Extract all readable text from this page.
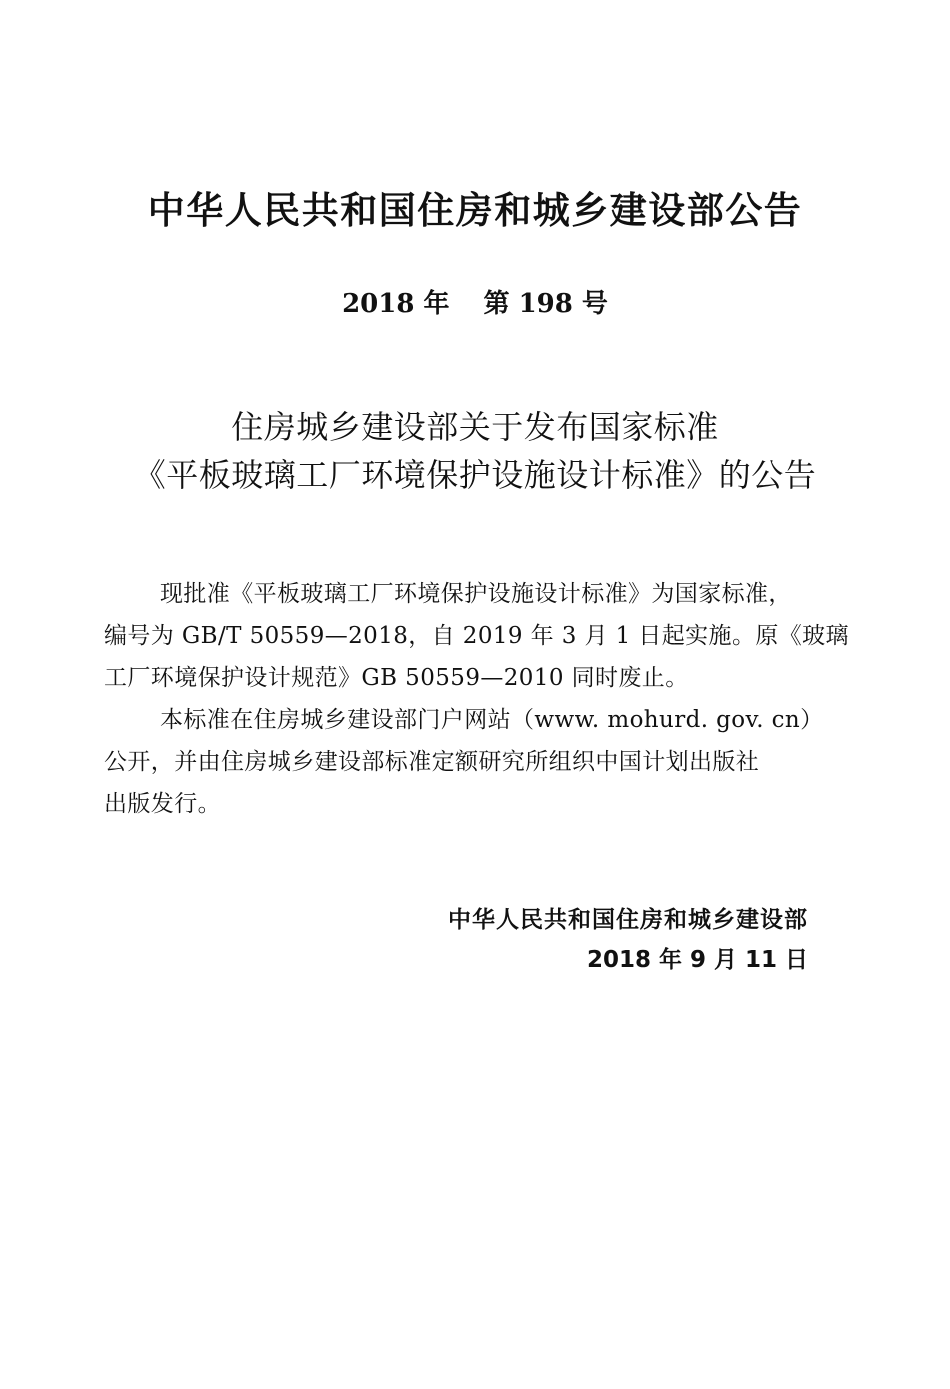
中华人民共和国住房和城乡建设部公告
2018 年 第 198 号
住房城乡建设部关于发布国家标准
《平板玻璃工厂环境保护设施设计标准》的公告
现批准《平板玻璃工厂环境保护设施设计标准》为国家标准，
编号为 GB/T 50559—2018，自 2019 年 3 月 1 日起实施。原《玻璃
工厂环境保护设计规范》GB 50559—2010 同时废止。
本标准在住房城乡建设部门户网站（www. mohurd. gov. cn）
公开，并由住房城乡建设部标准定额研究所组织中国计划出版社
出版发行。
中华人民共和国住房和城乡建设部
2018 年 9 月 11 日
